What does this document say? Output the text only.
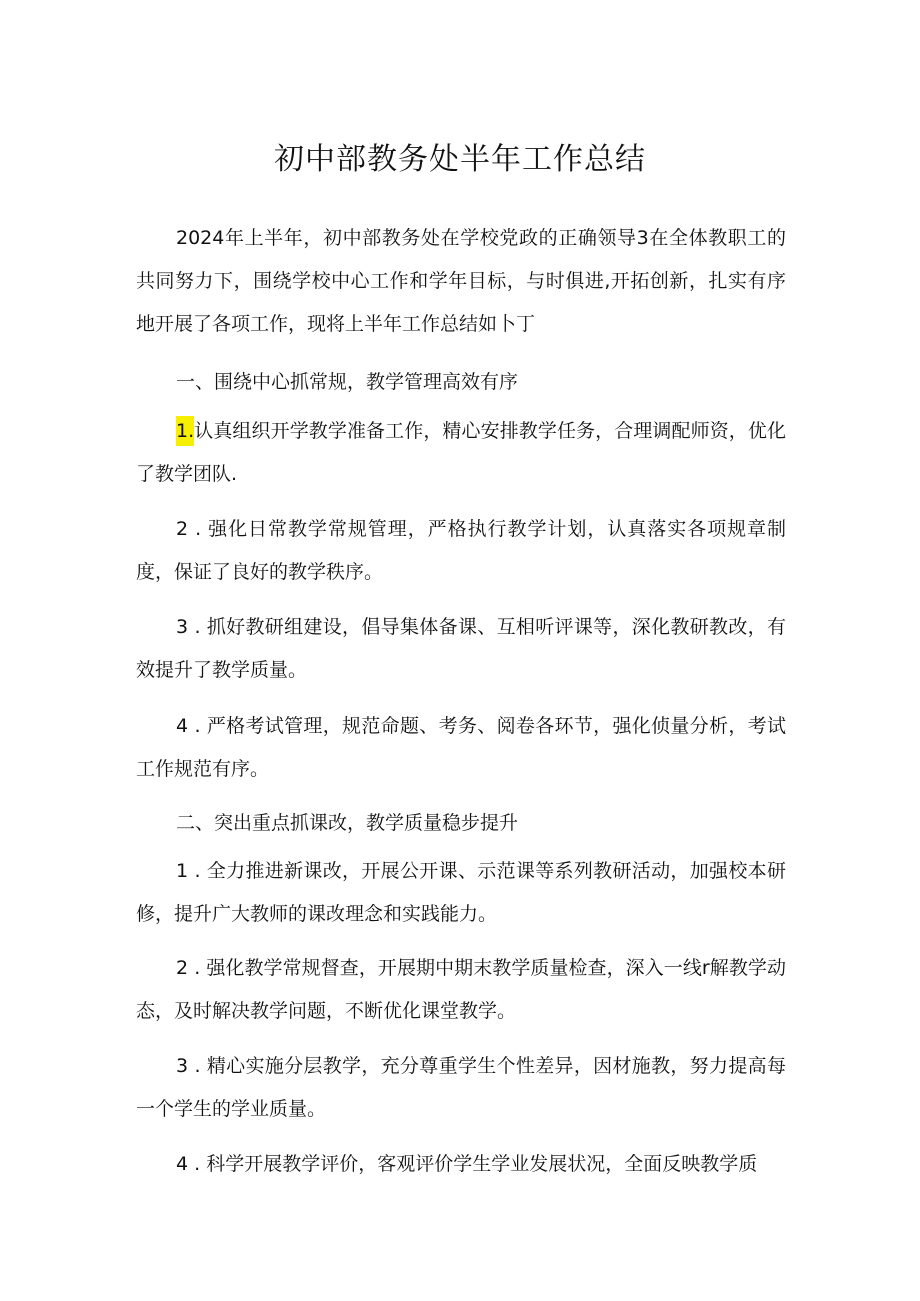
初中部教务处半年工作总结

2024年上半年，初中部教务处在学校党政的正确领导3在全体教职工的共同努力下，围绕学校中心工作和学年目标，与时俱进,开拓创新，扎实有序地开展了各项工作，现将上半年工作总结如卜丁

一、围绕中心抓常规，教学管理高效有序

1.认真组织开学教学准备工作，精心安排教学任务，合理调配师资，优化了教学团队.

2 . 强化日常教学常规管理，严格执行教学计划，认真落实各项规章制度，保证了良好的教学秩序。

3 . 抓好教研组建设，倡导集体备课、互相听评课等，深化教研教改，有效提升了教学质量。

4 . 严格考试管理，规范命题、考务、阅卷各环节，强化侦量分析，考试工作规范有序。

二、突出重点抓课改，教学质量稳步提升

1 . 全力推进新课改，开展公开课、示范课等系列教研活动，加强校本研修，提升广大教师的课改理念和实践能力。

2 . 强化教学常规督查，开展期中期末教学质量检查，深入一线r解教学动态，及时解决教学问题，不断优化课堂教学。

3 . 精心实施分层教学，充分尊重学生个性差异，因材施教，努力提高每一个学生的学业质量。

4 . 科学开展教学评价，客观评价学生学业发展状况，全面反映教学质
